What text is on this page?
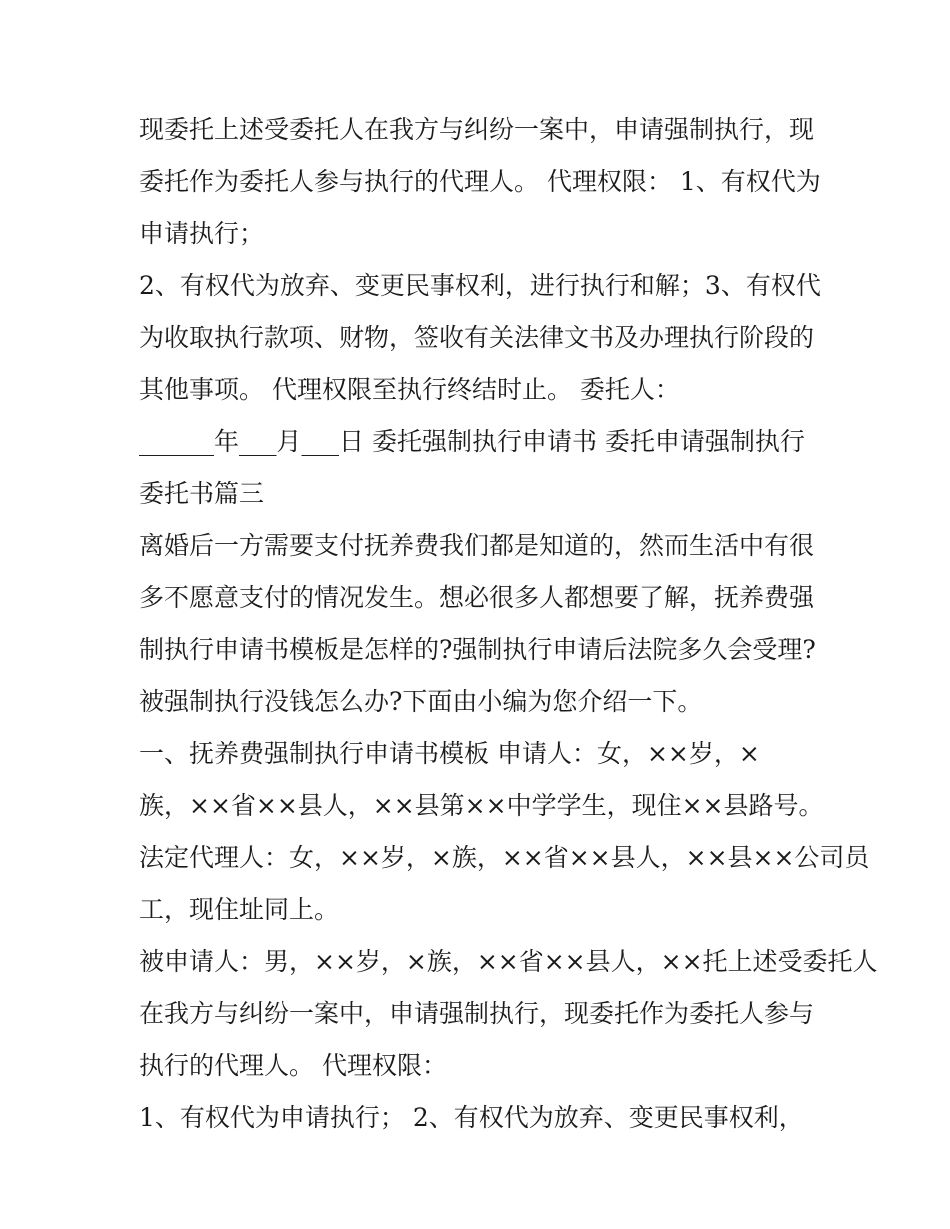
现委托上述受委托人在我方与纠纷一案中，申请强制执行，现
委托作为委托人参与执行的代理人。 代理权限： 1、有权代为
申请执行；
2、有权代为放弃、变更民事权利，进行执行和解；3、有权代
为收取执行款项、财物，签收有关法律文书及办理执行阶段的
其他事项。 代理权限至执行终结时止。 委托人：
______年___月___日 委托强制执行申请书 委托申请强制执行
委托书篇三
离婚后一方需要支付抚养费我们都是知道的，然而生活中有很
多不愿意支付的情况发生。想必很多人都想要了解，抚养费强
制执行申请书模板是怎样的?强制执行申请后法院多久会受理?
被强制执行没钱怎么办?下面由小编为您介绍一下。
一、抚养费强制执行申请书模板 申请人：女，××岁，×
族，××省××县人，××县第××中学学生，现住××县路号。
法定代理人：女，××岁，×族，××省××县人，××县××公司员
工，现住址同上。
被申请人：男，××岁，×族，××省××县人，××托上述受委托人
在我方与纠纷一案中，申请强制执行，现委托作为委托人参与
执行的代理人。 代理权限：
1、有权代为申请执行； 2、有权代为放弃、变更民事权利，
